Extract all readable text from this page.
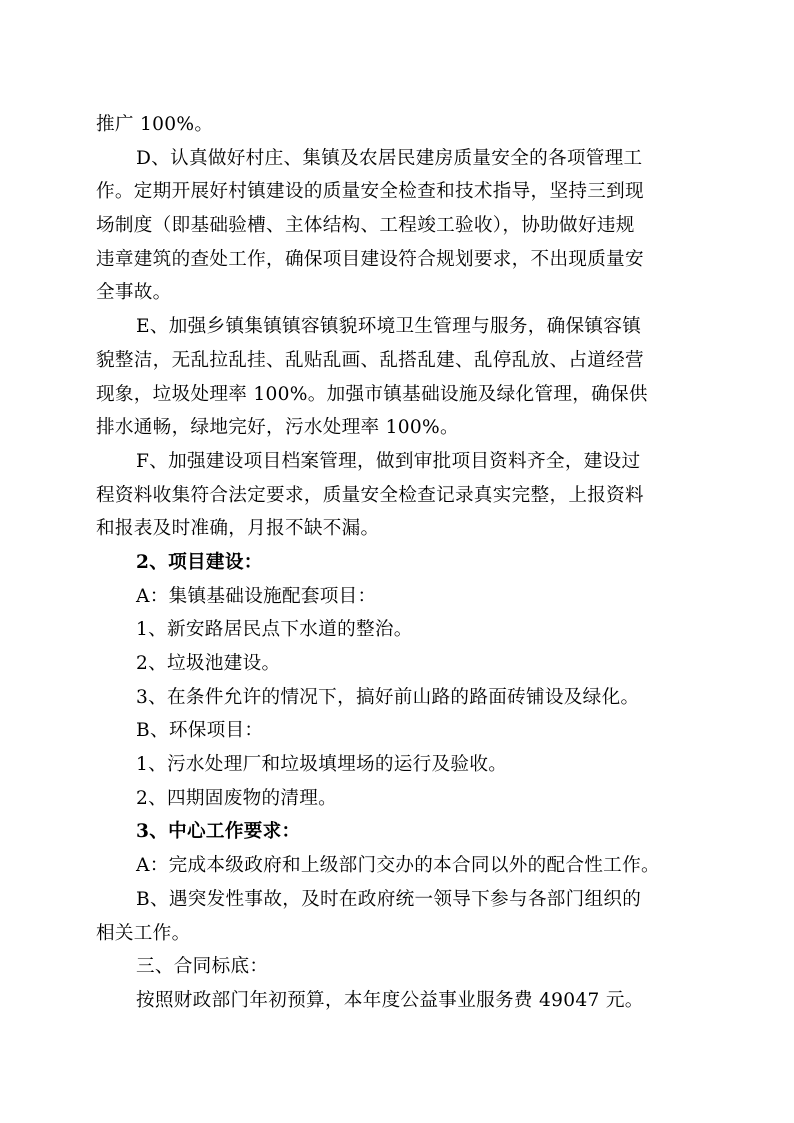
推广 100%。
D、认真做好村庄、集镇及农居民建房质量安全的各项管理工
作。定期开展好村镇建设的质量安全检查和技术指导，坚持三到现
场制度（即基础验槽、主体结构、工程竣工验收），协助做好违规
违章建筑的查处工作，确保项目建设符合规划要求，不出现质量安
全事故。
E、加强乡镇集镇镇容镇貌环境卫生管理与服务，确保镇容镇
貌整洁，无乱拉乱挂、乱贴乱画、乱搭乱建、乱停乱放、占道经营
现象，垃圾处理率 100%。加强市镇基础设施及绿化管理，确保供
排水通畅，绿地完好，污水处理率 100%。
F、加强建设项目档案管理，做到审批项目资料齐全，建设过
程资料收集符合法定要求，质量安全检查记录真实完整，上报资料
和报表及时准确，月报不缺不漏。
2、项目建设：
A：集镇基础设施配套项目：
1、新安路居民点下水道的整治。
2、垃圾池建设。
3、在条件允许的情况下，搞好前山路的路面砖铺设及绿化。
B、环保项目：
1、污水处理厂和垃圾填埋场的运行及验收。
2、四期固废物的清理。
3、中心工作要求：
A：完成本级政府和上级部门交办的本合同以外的配合性工作。
B、遇突发性事故，及时在政府统一领导下参与各部门组织的
相关工作。
三、合同标底：
按照财政部门年初预算，本年度公益事业服务费 49047 元。
